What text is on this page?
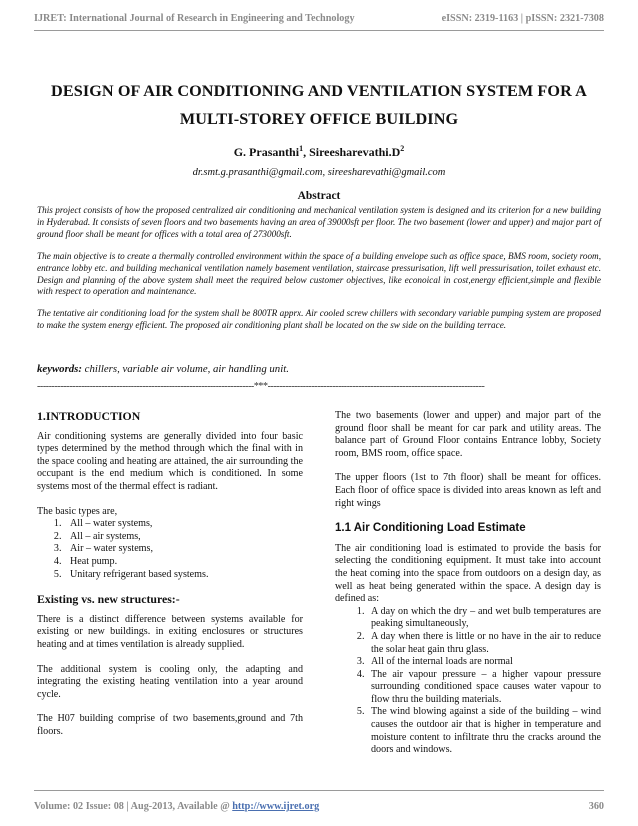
IJRET: International Journal of Research in Engineering and Technology	eISSN: 2319-1163 | pISSN: 2321-7308
DESIGN OF AIR CONDITIONING AND VENTILATION SYSTEM FOR A
MULTI-STOREY OFFICE BUILDING
G. Prasanthi$^1$, $Sireesharevathi.D^2$
dr.smt.g.prasanthi@gmail.com, sireesharevathi@gmail.com
Abstract

This project consists of how the proposed centralized air conditioning and mechanical ventilation system is designed and its criterion for a new building in Hyderabad. It consists of seven floors and two basements having an area of 39000sft per floor. The two basement (lower and upper) and major part of ground floor shall be meant for offices with a total area of 273000sft.

The main objective is to create a thermally controlled environment within the space of a building envelope such as office space, BMS room, society room, entrance lobby etc. and building mechanical ventilation namely basement ventilation, staircase pressurisation, lift well pressurisation, toilet exhaust etc. Design and planning of the above system shall meet the required below customer objectives, like econoical in cost,energy efficient,simple and flexible with respect to operation and maintenance.

The tentative air conditioning load for the system shall be 800TR apprx. Air cooled screw chillers with secondary variable pumping system are proposed to make the system energy efficient. The proposed air conditioning plant shall be located on the sw side on the building terrace.

keywords: chillers, variable air volume, air handling unit.
--------------------------------------------------------------------------***--------------------------------------------------------------------------
1.INTRODUCTION

Air conditioning systems are generally divided into four basic types determined by the method through which the final with in the space cooling and heating are attained, the air surrounding the occupant is the end medium which is conditioned. In some systems most of the thermal effect is radiant.

The basic types are,
1. All – water systems,
2. All – air systems,
3. Air – water systems,
4. Heat pump.
5. Unitary refrigerant based systems.
Existing vs. new structures:-

There is a distinct difference between systems available for existing or new buildings. in exiting enclosures or structures heating and at times ventilation is already supplied.

The additional system is cooling only, the adapting and integrating the existing heating ventilation into a year around cycle.

The H07 building comprise of two basements,ground and 7th floors.

The two basements (lower and upper) and major part of the ground floor shall be meant for car park and utility areas. The balance part of Ground Floor contains Entrance lobby, Society room, BMS room, office space.

The upper floors (1st to 7th floor) shall be meant for offices. Each floor of office space is divided into areas known as left and right wings

1.1 Air Conditioning Load Estimate

The air conditioning load is estimated to provide the basis for selecting the conditioning equipment. It must take into account the heat coming into the space from outdoors on a design day, as well as heat being generated within the space. A design day is defined as:

1. A day on which the dry – and wet bulb temperatures are peaking simultaneously,
2. A day when there is little or no have in the air to reduce the solar heat gain thru glass.
3. All of the internal loads are normal
4. The air vapour pressure – a higher vapour pressure surrounding conditioned space causes water vapour to flow thru the building materials.
5. The wind blowing against a side of the building – wind causes the outdoor air that is higher in temperature and moisture content to infiltrate thru the cracks around the doors and windows.
Volume: 02 Issue: 08 | Aug-2013, Available @ http://www.ijret.org	360
